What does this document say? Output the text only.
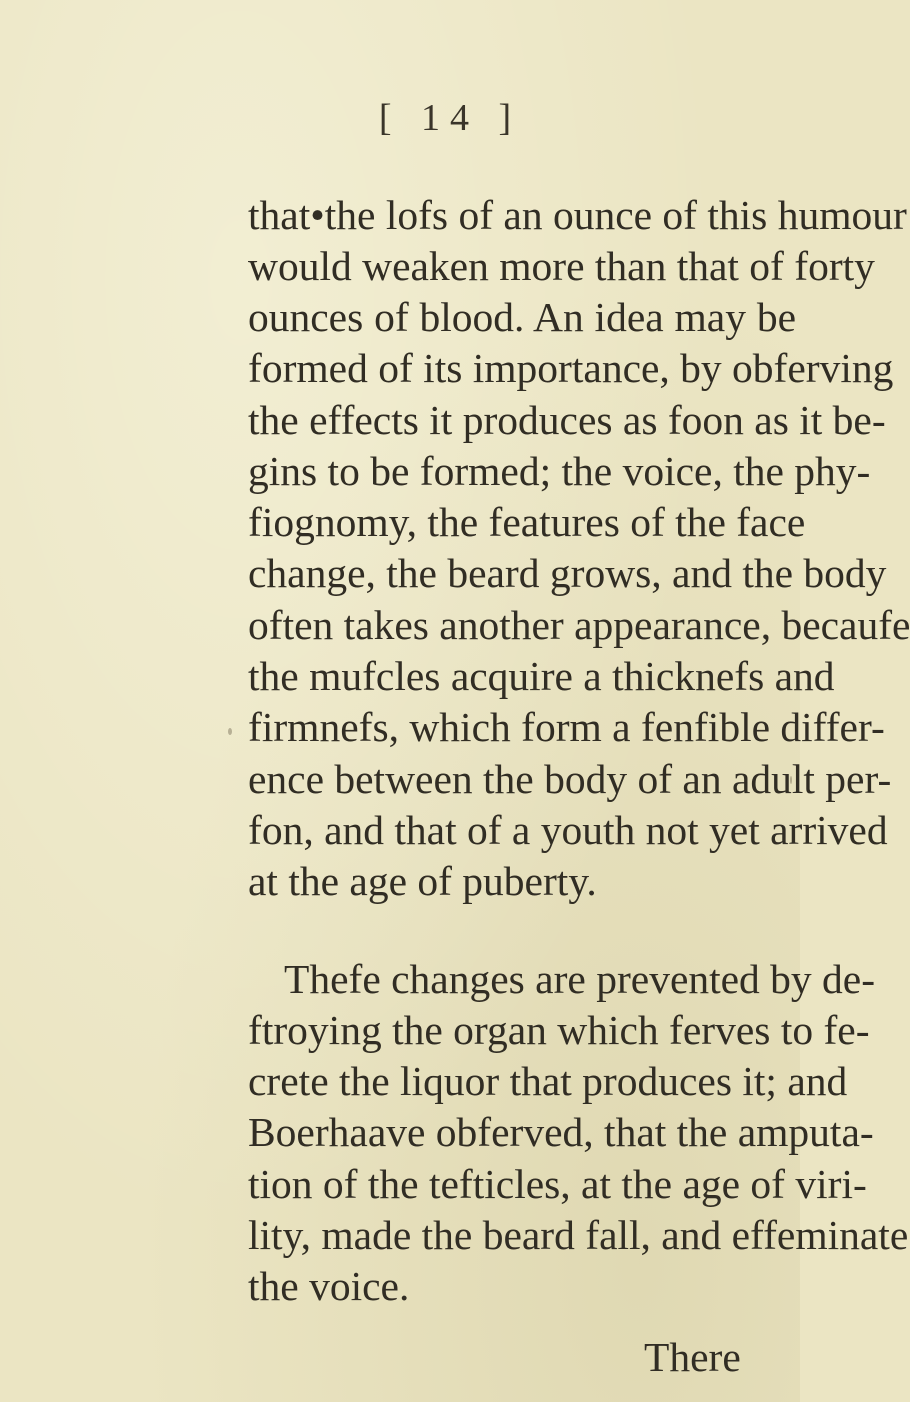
[ 14 ]
that•the lofs of an ounce of this humour
would weaken more than that of forty
ounces of blood. An idea may be
formed of its importance, by obferving
the effects it produces as foon as it be-
gins to be formed; the voice, the phy-
fiognomy, the features of the face
change, the beard grows, and the body
often takes another appearance, becaufe
the mufcles acquire a thicknefs and
firmnefs, which form a fenfible differ-
ence between the body of an adult per-
fon, and that of a youth not yet arrived
at the age of puberty.
Thefe changes are prevented by de-
ftroying the organ which ferves to fe-
crete the liquor that produces it; and
Boerhaave obferved, that the amputa-
tion of the tefticles, at the age of viri-
lity, made the beard fall, and effeminate
the voice.
There
